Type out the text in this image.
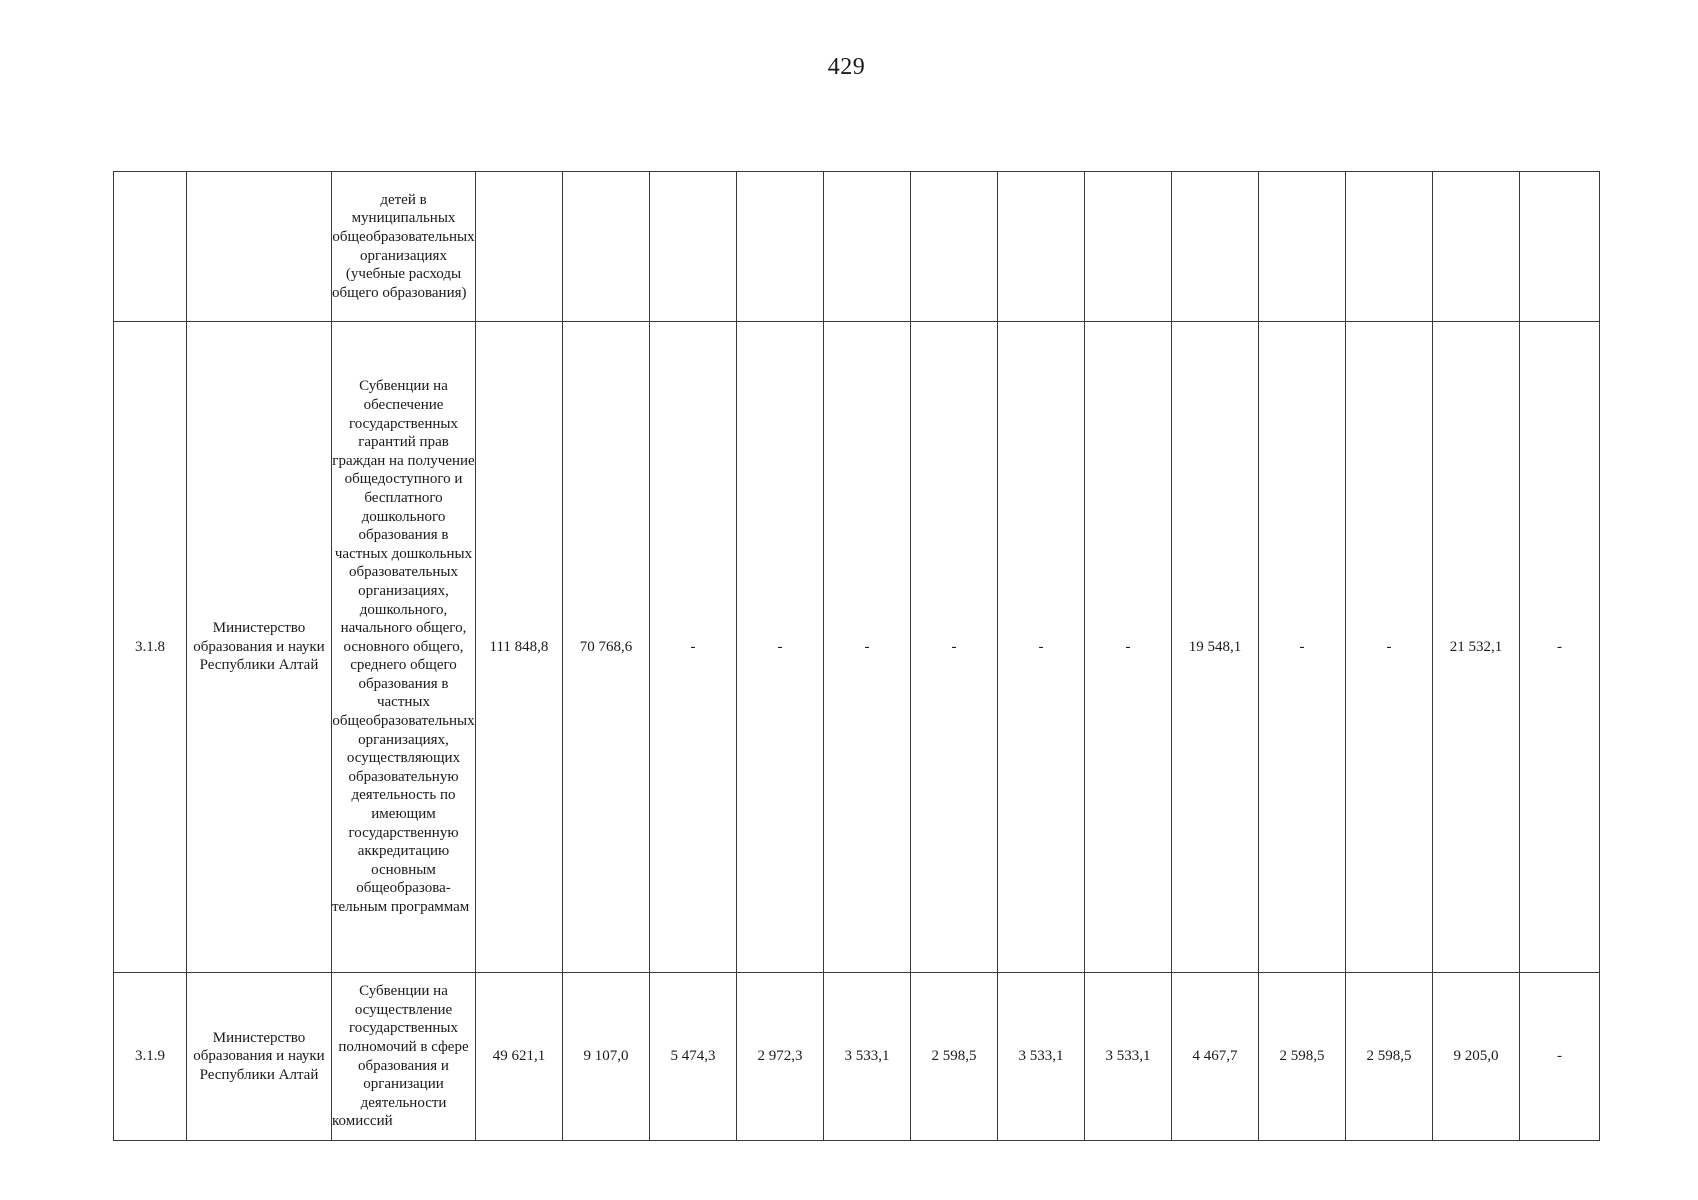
429
		детей в муниципальных общеобразовательных организациях (учебные расходы общего образования)													
3.1.8	Министерство образования и науки Республики Алтай	Субвенции на обеспечение государственных гарантий прав граждан на получение общедоступного и бесплатного дошкольного образования в частных дошкольных образовательных организациях, дошкольного, начального общего, основного общего, среднего общего образования в частных общеобразовательных организациях, осуществляющих образовательную деятельность по имеющим государственную аккредитацию основным общеобразовательным программам	111 848,8	70 768,6	-	-	-	-	-	-	19 548,1	-	-	21 532,1	-
3.1.9	Министерство образования и науки Республики Алтай	Субвенции на осуществление государственных полномочий в сфере образования и организации деятельности комиссий	49 621,1	9 107,0	5 474,3	2 972,3	3 533,1	2 598,5	3 533,1	3 533,1	4 467,7	2 598,5	2 598,5	9 205,0	-
